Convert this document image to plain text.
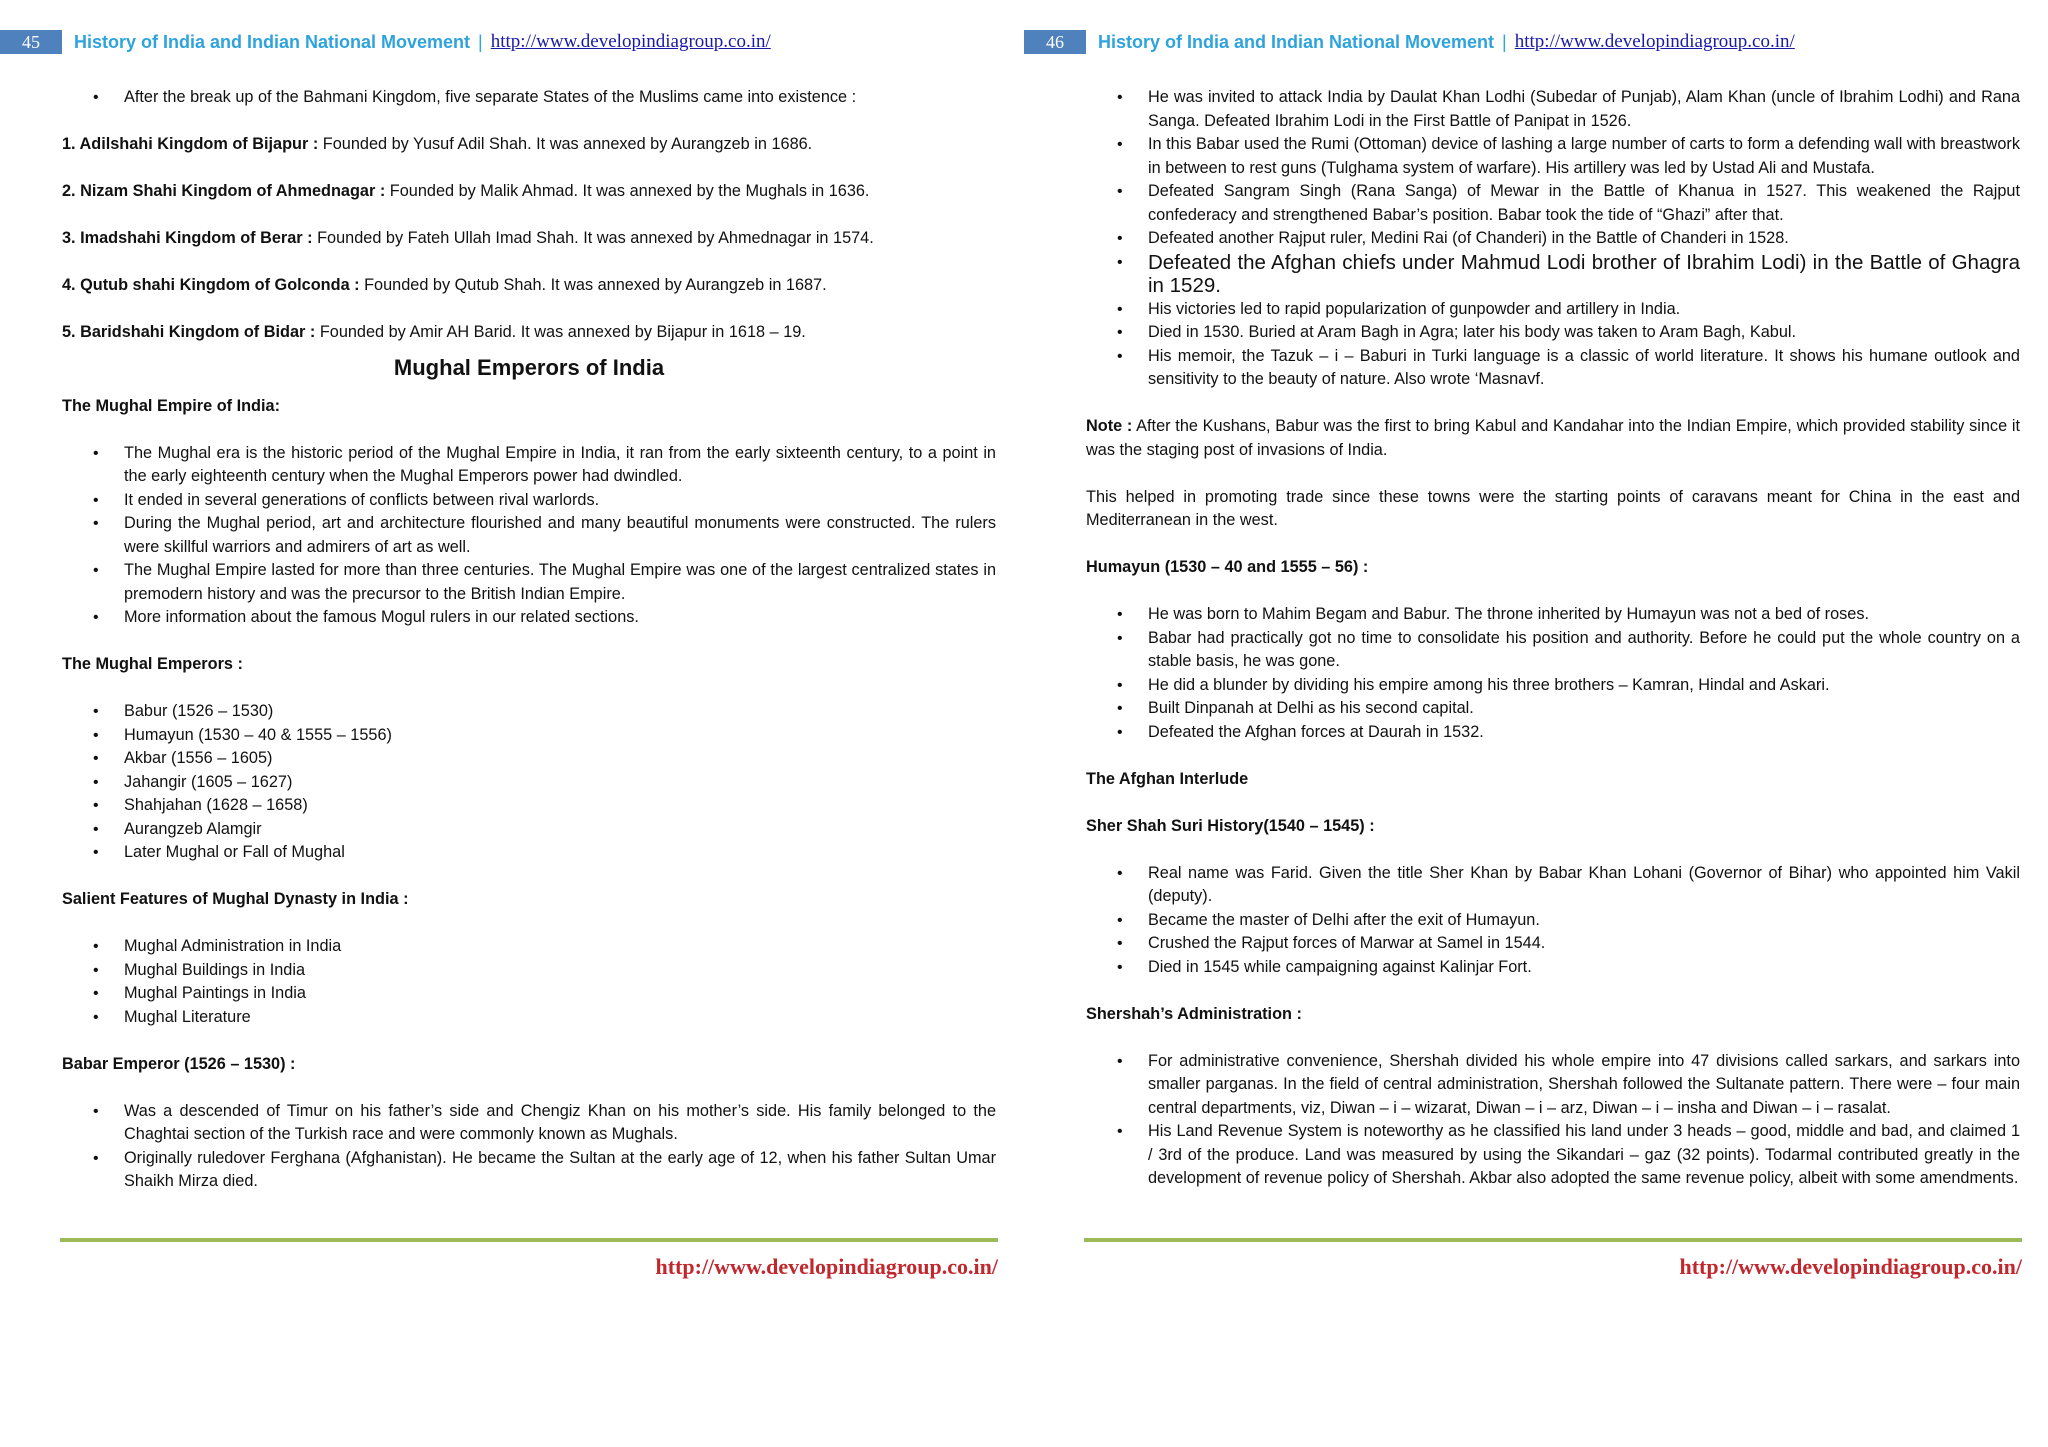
45	History of India and Indian National Movement | http://www.developindiagroup.co.in/
• After the break up of the Bahmani Kingdom, five separate States of the Muslims came into existence :

1. Adilshahi Kingdom of Bijapur : Founded by Yusuf Adil Shah. It was annexed by Aurangzeb in 1686.

2. Nizam Shahi Kingdom of Ahmednagar : Founded by Malik Ahmad. It was annexed by the Mughals in 1636.

3. Imadshahi Kingdom of Berar : Founded by Fateh Ullah Imad Shah. It was annexed by Ahmednagar in 1574.

4. Qutub shahi Kingdom of Golconda : Founded by Qutub Shah. It was annexed by Aurangzeb in 1687.

5. Baridshahi Kingdom of Bidar : Founded by Amir AH Barid. It was annexed by Bijapur in 1618 – 19.

Mughal Emperors of India

The Mughal Empire of India:

• The Mughal era is the historic period of the Mughal Empire in India, it ran from the early sixteenth century, to a point in the early eighteenth century when the Mughal Emperors power had dwindled.
• It ended in several generations of conflicts between rival warlords.
• During the Mughal period, art and architecture flourished and many beautiful monuments were constructed. The rulers were skillful warriors and admirers of art as well.
• The Mughal Empire lasted for more than three centuries. The Mughal Empire was one of the largest centralized states in premodern history and was the precursor to the British Indian Empire.
• More information about the famous Mogul rulers in our related sections.

The Mughal Emperors :

• Babur (1526 – 1530)
• Humayun (1530 – 40 & 1555 – 1556)
• Akbar (1556 – 1605)
• Jahangir (1605 – 1627)
• Shahjahan (1628 – 1658)
• Aurangzeb Alamgir
• Later Mughal or Fall of Mughal

Salient Features of Mughal Dynasty in India :

• Mughal Administration in India
• Mughal Buildings in India
• Mughal Paintings in India
• Mughal Literature

Babar Emperor (1526 – 1530) :

• Was a descended of Timur on his father’s side and Chengiz Khan on his mother’s side. His family belonged to the Chaghtai section of the Turkish race and were commonly known as Mughals.
• Originally ruledover Ferghana (Afghanistan). He became the Sultan at the early age of 12, when his father Sultan Umar Shaikh Mirza died.
http://www.developindiagroup.co.in/
46	History of India and Indian National Movement | http://www.developindiagroup.co.in/
• He was invited to attack India by Daulat Khan Lodhi (Subedar of Punjab), Alam Khan (uncle of Ibrahim Lodhi) and Rana Sanga. Defeated Ibrahim Lodi in the First Battle of Panipat in 1526.
• In this Babar used the Rumi (Ottoman) device of lashing a large number of carts to form a defending wall with breastwork in between to rest guns (Tulghama system of warfare). His artillery was led by Ustad Ali and Mustafa.
• Defeated Sangram Singh (Rana Sanga) of Mewar in the Battle of Khanua in 1527. This weakened the Rajput confederacy and strengthened Babar’s position. Babar took the tide of “Ghazi” after that.
• Defeated another Rajput ruler, Medini Rai (of Chanderi) in the Battle of Chanderi in 1528.
• Defeated the Afghan chiefs under Mahmud Lodi brother of Ibrahim Lodi) in the Battle of Ghagra in 1529.
• His victories led to rapid popularization of gunpowder and artillery in India.
• Died in 1530. Buried at Aram Bagh in Agra; later his body was taken to Aram Bagh, Kabul.
• His memoir, the Tazuk – i – Baburi in Turki language is a classic of world literature. It shows his humane outlook and sensitivity to the beauty of nature. Also wrote ‘Masnavf.

Note : After the Kushans, Babur was the first to bring Kabul and Kandahar into the Indian Empire, which provided stability since it was the staging post of invasions of India.

This helped in promoting trade since these towns were the starting points of caravans meant for China in the east and Mediterranean in the west.

Humayun (1530 – 40 and 1555 – 56) :

• He was born to Mahim Begam and Babur. The throne inherited by Humayun was not a bed of roses.
• Babar had practically got no time to consolidate his position and authority. Before he could put the whole country on a stable basis, he was gone.
• He did a blunder by dividing his empire among his three brothers – Kamran, Hindal and Askari.
• Built Dinpanah at Delhi as his second capital.
• Defeated the Afghan forces at Daurah in 1532.

The Afghan Interlude

Sher Shah Suri History(1540 – 1545) :

• Real name was Farid. Given the title Sher Khan by Babar Khan Lohani (Governor of Bihar) who appointed him Vakil (deputy).
• Became the master of Delhi after the exit of Humayun.
• Crushed the Rajput forces of Marwar at Samel in 1544.
• Died in 1545 while campaigning against Kalinjar Fort.

Shershah’s Administration :

• For administrative convenience, Shershah divided his whole empire into 47 divisions called sarkars, and sarkars into smaller parganas. In the field of central administration, Shershah followed the Sultanate pattern. There were – four main central departments, viz, Diwan – i – wizarat, Diwan – i – arz, Diwan – i – insha and Diwan – i – rasalat.
• His Land Revenue System is noteworthy as he classified his land under 3 heads – good, middle and bad, and claimed 1 / 3rd of the produce. Land was measured by using the Sikandari – gaz (32 points). Todarmal contributed greatly in the development of revenue policy of Shershah. Akbar also adopted the same revenue policy, albeit with some amendments.
http://www.developindiagroup.co.in/
